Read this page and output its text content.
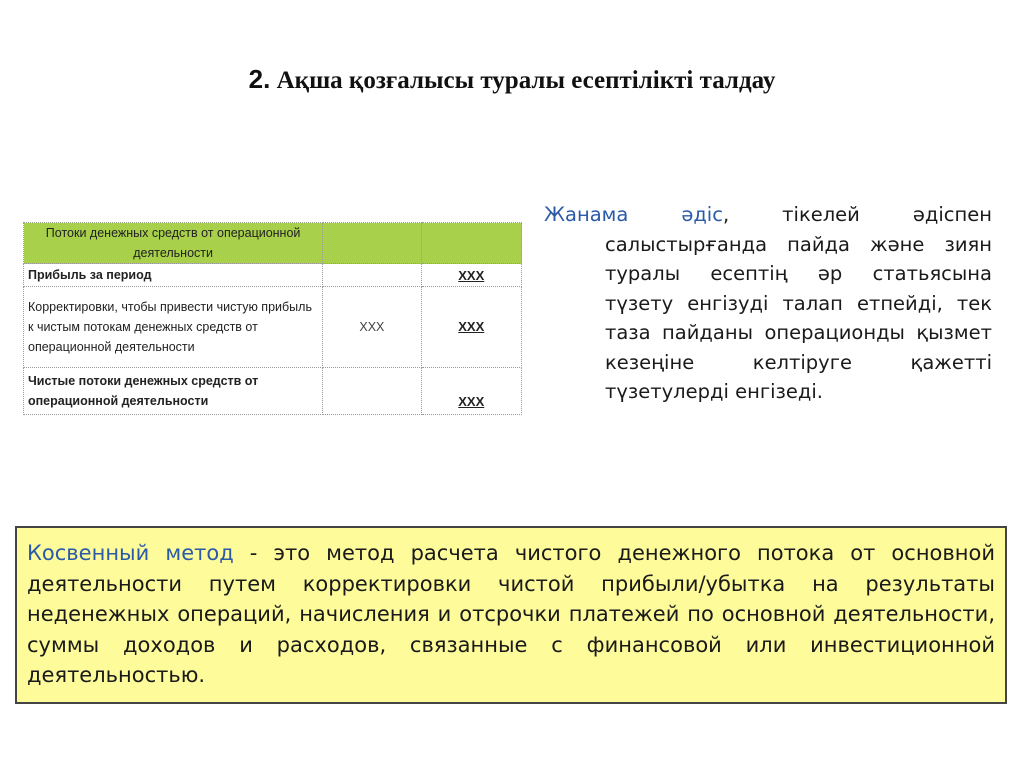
2. Ақша қозғалысы туралы есептілікті талдау
Потоки денежных средств от операционной деятельности		
Прибыль за период		XXX
Корректировки, чтобы привести чистую прибыль к чистым потокам денежных средств от операционной деятельности	XXX	XXX
Чистые потоки денежных средств от операционной деятельности		XXX
Жанама әдіс, тікелей әдіспен салыстырғанда пайда және зиян туралы есептің әр статьясына түзету енгізуді талап етпейді, тек таза пайданы операционды қызмет кезеңіне келтіруге қажетті түзетулерді енгізеді.
Косвенный метод - это метод расчета чистого денежного потока от основной деятельности путем корректировки чистой прибыли/убытка на результаты неденежных операций, начисления и отсрочки платежей по основной деятельности, суммы доходов и расходов, связанные с финансовой или инвестиционной деятельностью.
